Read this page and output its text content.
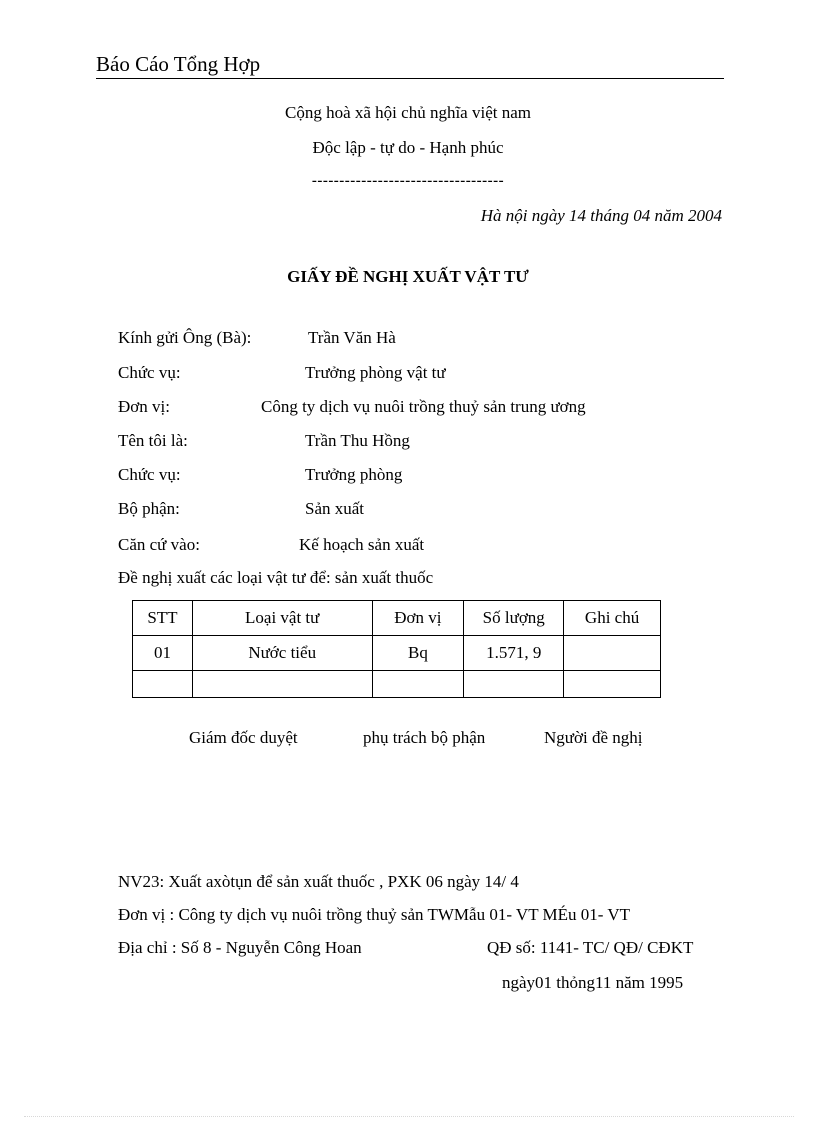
Báo Cáo Tổng Hợp
Cộng hoà xã hội chủ nghĩa việt nam
Độc lập - tự do - Hạnh phúc
-----------------------------------
Hà nội ngày 14 tháng 04 năm 2004
GIẤY ĐỀ NGHỊ XUẤT VẬT TƯ
Kính gửi Ông (Bà):	Trần Văn Hà
Chức vụ:	Trưởng phòng vật tư
Đơn vị:	Công ty dịch vụ nuôi trồng thuỷ sản trung ương
Tên tôi là:	Trần Thu Hồng
Chức vụ:	Trưởng phòng
Bộ phận:	Sản xuất
Căn cứ vào:	Kế hoạch sản xuất
Đề nghị xuất các loại vật tư để: sản xuất thuốc
STT	Loại vật tư	Đơn vị	Số lượng	Ghi chú
01	Nước tiểu	Bq	1.571, 9	

Giám đốc duyệt	phụ trách bộ phận	Người đề nghị
NV23: Xuất axòtụn để sản xuất thuốc , PXK 06 ngày 14/ 4
Đơn vị : Công ty dịch vụ nuôi trồng thuỷ sản TWMẫu 01- VT MÉu 01- VT
Địa chỉ : Số 8 - Nguyễn Công Hoan	QĐ số: 1141- TC/ QĐ/ CĐKT
ngày01 thỏng11 năm 1995
